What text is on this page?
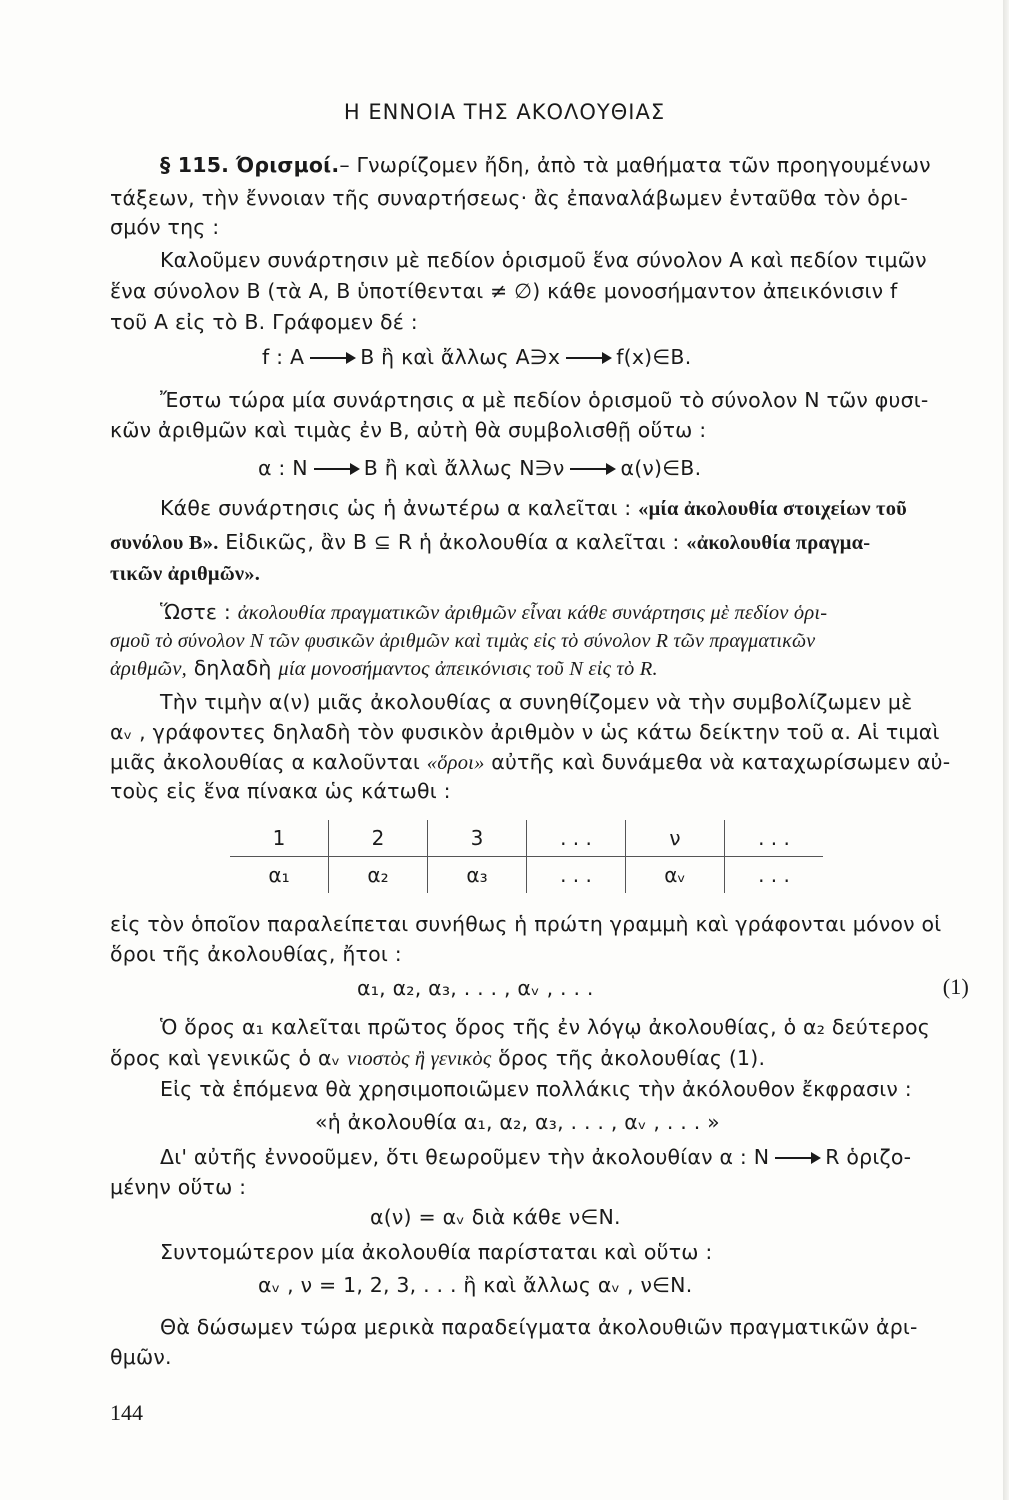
Η ΕΝΝΟΙΑ ΤΗΣ ΑΚΟΛΟΥΘΙΑΣ
§ 115. Όρισμοί.– Γνωρίζομεν ἤδη, ἀπὸ τὰ μαθήματα τῶν προηγουμένων
τάξεων, τὴν ἔννοιαν τῆς συναρτήσεως· ἂς ἐπαναλάβωμεν ἐνταῦθα τὸν ὁρι-
σμόν της :
Καλοῦμεν συνάρτησιν μὲ πεδίον ὁρισμοῦ ἕνα σύνολον Α καὶ πεδίον τιμῶν
ἕνα σύνολον Β (τὰ Α, Β ὑποτίθενται ≠ ∅) κάθε μονοσήμαντον ἀπεικόνισιν f
τοῦ Α εἰς τὸ Β. Γράφομεν δέ :
f : A	B ἢ καὶ ἄλλως A∋x	f(x)∈B.
Ἔστω τώρα μία συνάρτησις α μὲ πεδίον ὁρισμοῦ τὸ σύνολον N τῶν φυσι-
κῶν ἀριθμῶν καὶ τιμὰς ἐν Β, αὐτὴ θὰ συμβολισθῇ οὕτω :
α : N	B ἢ καὶ ἄλλως N∋ν	α(ν)∈B.
Κάθε συνάρτησις ὡς ἡ ἀνωτέρω α καλεῖται : «μία ἀκολουθία στοιχείων τοῦ
συνόλου Β». Εἰδικῶς, ἂν B ⊆ R ἡ ἀκολουθία α καλεῖται : «ἀκολουθία πραγμα-
τικῶν ἀριθμῶν».
Ὥστε : ἀκολουθία πραγματικῶν ἀριθμῶν εἶναι κάθε συνάρτησις μὲ πεδίον ὁρι-
σμοῦ τὸ σύνολον N τῶν φυσικῶν ἀριθμῶν καὶ τιμὰς εἰς τὸ σύνολον R τῶν πραγματικῶν
ἀριθμῶν, δηλαδὴ μία μονοσήμαντος ἀπεικόνισις τοῦ N εἰς τὸ R.
Τὴν τιμὴν α(ν) μιᾶς ἀκολουθίας α συνηθίζομεν νὰ τὴν συμβολίζωμεν μὲ
αᵥ , γράφοντες δηλαδὴ τὸν φυσικὸν ἀριθμὸν ν ὡς κάτω δείκτην τοῦ α. Αἱ τιμαὶ
μιᾶς ἀκολουθίας α καλοῦνται «ὅροι» αὐτῆς καὶ δυνάμεθα νὰ καταχωρίσωμεν αὐ-
τοὺς εἰς ἕνα πίνακα ὡς κάτωθι :
1	2	3	. . .	ν	. . .
α₁	α₂	α₃	. . .	αᵥ	. . .
εἰς τὸν ὁποῖον παραλείπεται συνήθως ἡ πρώτη γραμμὴ καὶ γράφονται μόνον οἱ
ὅροι τῆς ἀκολουθίας, ἤτοι :
α₁, α₂, α₃, . . . , αᵥ , . . .	(1)
Ὁ ὅρος α₁ καλεῖται πρῶτος ὅρος τῆς ἐν λόγῳ ἀκολουθίας, ὁ α₂ δεύτερος
ὅρος καὶ γενικῶς ὁ αᵥ νιοστὸς ἢ γενικὸς ὅρος τῆς ἀκολουθίας (1).
Εἰς τὰ ἑπόμενα θὰ χρησιμοποιῶμεν πολλάκις τὴν ἀκόλουθον ἔκφρασιν :
«ἡ ἀκολουθία α₁, α₂, α₃, . . . , αᵥ , . . . »
Δι' αὐτῆς ἐννοοῦμεν, ὅτι θεωροῦμεν τὴν ἀκολουθίαν α : N	R ὁριζο-
μένην οὕτω :
α(ν) = αᵥ διὰ κάθε ν∈N.
Συντομώτερον μία ἀκολουθία παρίσταται καὶ οὕτω :
αᵥ , ν = 1, 2, 3, . . . ἢ καὶ ἄλλως αᵥ , ν∈N.
Θὰ δώσωμεν τώρα μερικὰ παραδείγματα ἀκολουθιῶν πραγματικῶν ἀρι-
θμῶν.
144
